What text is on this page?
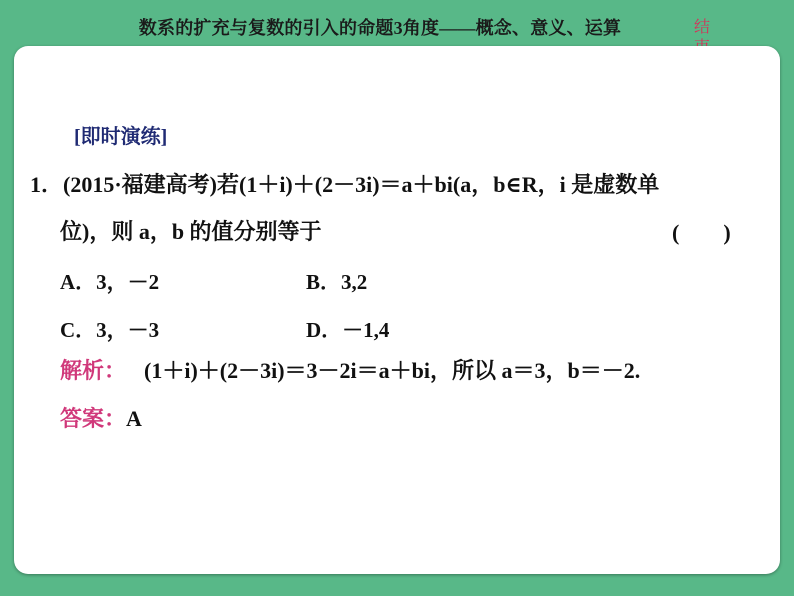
数系的扩充与复数的引入的命题3角度——概念、意义、运算	结

[即时演练]
1．(2015·福建高考)若(1＋i)＋(2－3i)＝a＋bi(a，b∈R，i 是虚数单
位)，则 a，b 的值分别等于	(　　)
A．3，－2	B．3,2
C．3，－3	D．－1,4
解析： (1＋i)＋(2－3i)＝3－2i＝a＋bi，所以 a＝3，b＝－2.
答案：A
